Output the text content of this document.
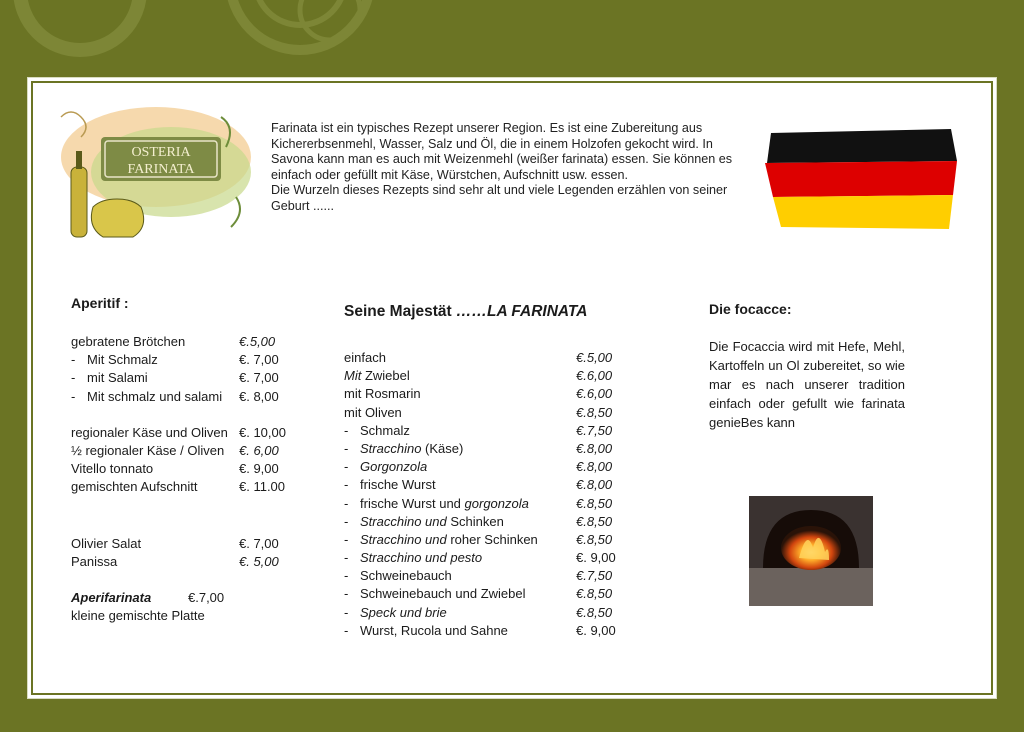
OSTERIA
FARINATA

Farinata ist ein typisches Rezept unserer Region. Es ist eine Zubereitung aus Kichererbsenmehl, Wasser, Salz und Öl, die in einem Holzofen gekocht wird. In Savona kann man es auch mit Weizenmehl (weißer farinata) essen. Sie können es einfach oder gefüllt mit Käse, Würstchen, Aufschnitt usw. essen.

Die Wurzeln dieses Rezepts sind sehr alt und viele Legenden erzählen von seiner Geburt ......

Aperitif :
gebratene Brötchen	€.5,00
- Mit Schmalz	€. 7,00
- mit Salami	€. 7,00
- Mit schmalz und salami €. 8,00
regionaler Käse und Oliven €. 10,00
½ regionaler Käse / Oliven €. 6,00
Vitello tonnato	€. 9,00
gemischten Aufschnitt	€. 11.00
Olivier Salat	€. 7,00
Panissa	€. 5,00
Aperifarinata	€.7,00
kleine gemischte Platte
Seine Majestät ……LA FARINATA
einfach	€.5,00
Mit Zwiebel	€.6,00
mit Rosmarin	€.6,00
mit Oliven	€.8,50
- Schmalz	€.7,50
- Stracchino (Käse)	€.8,00
- Gorgonzola	€.8,00
- frische Wurst	€.8,00
- frische Wurst und gorgonzola	€.8,50
- Stracchino und Schinken	€.8,50
- Stracchino und roher Schinken	€.8,50
- Stracchino und pesto	€. 9,00
- Schweinebauch	€.7,50
- Schweinebauch und Zwiebel	€.8,50
- Speck und brie	€.8,50
- Wurst, Rucola und Sahne	€. 9,00
Die focacce:

Die Focaccia wird mit Hefe, Mehl, Kartoffeln un Ol zubereitet, so wie mar es nach unserer tradition einfach oder gefullt wie farinata genieBes kann
